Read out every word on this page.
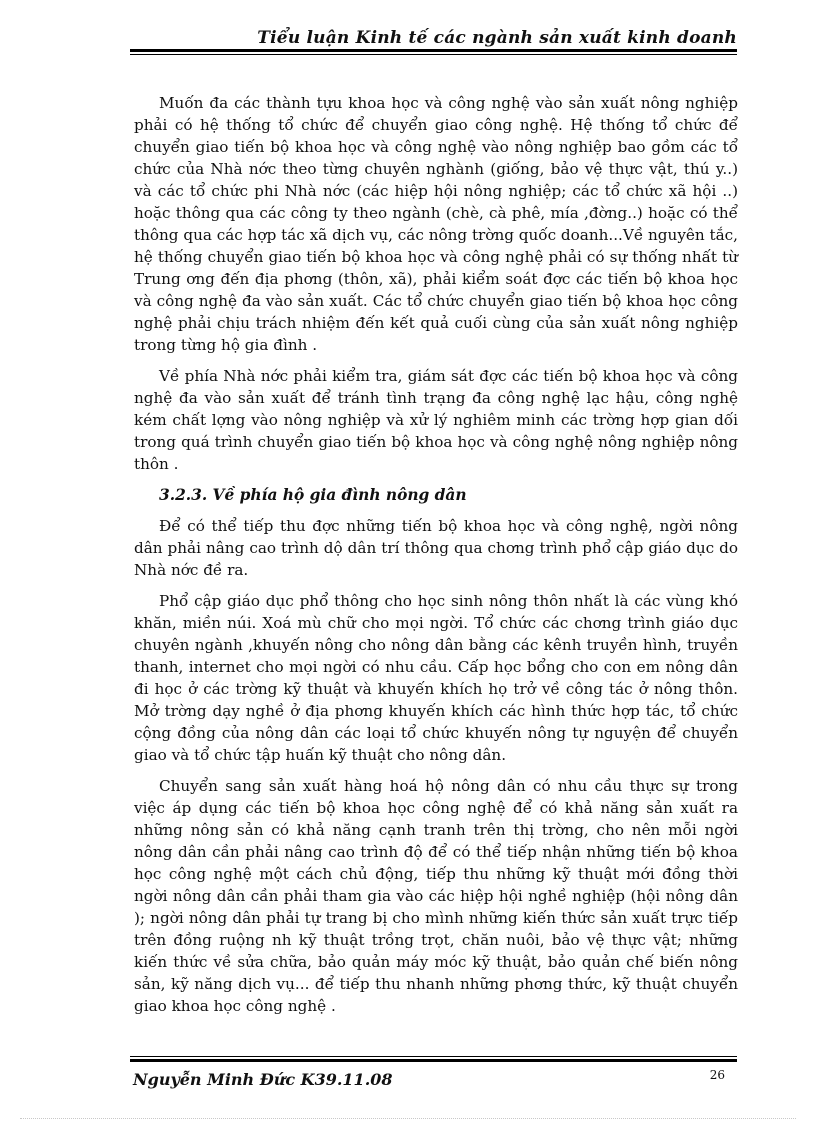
Tiểu luận Kinh tế các ngành sản xuất kinh doanh

Muốn đa các thành tựu khoa học và công nghệ vào sản xuất nông nghiệp phải có hệ thống tổ chức để chuyển giao công nghệ. Hệ thống tổ chức để chuyển giao tiến bộ khoa học và công nghệ vào nông nghiệp bao gồm các tổ chức của Nhà nớc theo từng chuyên nghành (giống, bảo vệ thực vật, thú y..) và các tổ chức phi Nhà nớc (các hiệp hội nông nghiệp; các tổ chức xã hội ..) hoặc thông qua các công ty theo ngành (chè, cà phê, mía ,đờng..) hoặc có thể thông qua các hợp tác xã dịch vụ, các nông trờng quốc doanh...Về nguyên tắc, hệ thống chuyển giao tiến bộ khoa học và công nghệ phải có sự thống nhất từ Trung ơng đến địa phơng (thôn, xã), phải kiểm soát đợc các tiến bộ khoa học và công nghệ đa vào sản xuất. Các tổ chức chuyển giao tiến bộ khoa học công nghệ phải chịu trách nhiệm đến kết quả cuối cùng của sản xuất nông nghiệp trong từng hộ gia đình .

Về phía Nhà nớc phải kiểm tra, giám sát đợc các tiến bộ khoa học và công nghệ đa vào sản xuất để tránh tình trạng đa công nghệ lạc hậu, công nghệ kém chất lợng vào nông nghiệp và xử lý nghiêm minh các trờng hợp gian dối trong quá trình chuyển giao tiến bộ khoa học và công nghệ nông nghiệp nông thôn .

3.2.3. Về phía hộ gia đình nông dân

Để có thể tiếp thu đợc những tiến bộ khoa học và công nghệ, ngời nông dân phải nâng cao trình dộ dân trí thông qua chơng trình phổ cập giáo dục do Nhà nớc đề ra.

Phổ cập giáo dục phổ thông cho học sinh nông thôn nhất là các vùng khó khăn, miền núi. Xoá mù chữ cho mọi ngời. Tổ chức các chơng trình giáo dục chuyên ngành ,khuyến nông cho nông dân bằng các kênh truyền hình, truyền thanh, internet cho mọi ngời có nhu cầu. Cấp học bổng cho con em nông dân đi học ở các trờng kỹ thuật và khuyến khích họ trở về công tác ở nông thôn. Mở trờng dạy nghề ở địa phơng khuyến khích các hình thức hợp tác, tổ chức cộng đồng của nông dân các loại tổ chức khuyến nông tự nguyện để chuyển giao và tổ chức tập huấn kỹ thuật cho nông dân.

Chuyển sang sản xuất hàng hoá hộ nông dân có nhu cầu thực sự trong việc áp dụng các tiến bộ khoa học công nghệ để có khả năng sản xuất ra những nông sản có khả năng cạnh tranh trên thị trờng, cho nên mỗi ngời nông dân cần phải nâng cao trình độ để có thể tiếp nhận những tiến bộ khoa học công nghệ một cách chủ động, tiếp thu những kỹ thuật mới đồng thời ngời nông dân cần phải tham gia vào các hiệp hội nghề nghiệp (hội nông dân ); ngời nông dân phải tự trang bị cho mình những kiến thức sản xuất trực tiếp trên đồng ruộng nh kỹ thuật trồng trọt, chăn nuôi, bảo vệ thực vật; những kiến thức về sửa chữa, bảo quản máy móc kỹ thuật, bảo quản chế biến nông sản, kỹ năng dịch vụ... để tiếp thu nhanh những phơng thức, kỹ thuật chuyển giao khoa học công nghệ .

Nguyễn Minh Đức K39.11.08	26
